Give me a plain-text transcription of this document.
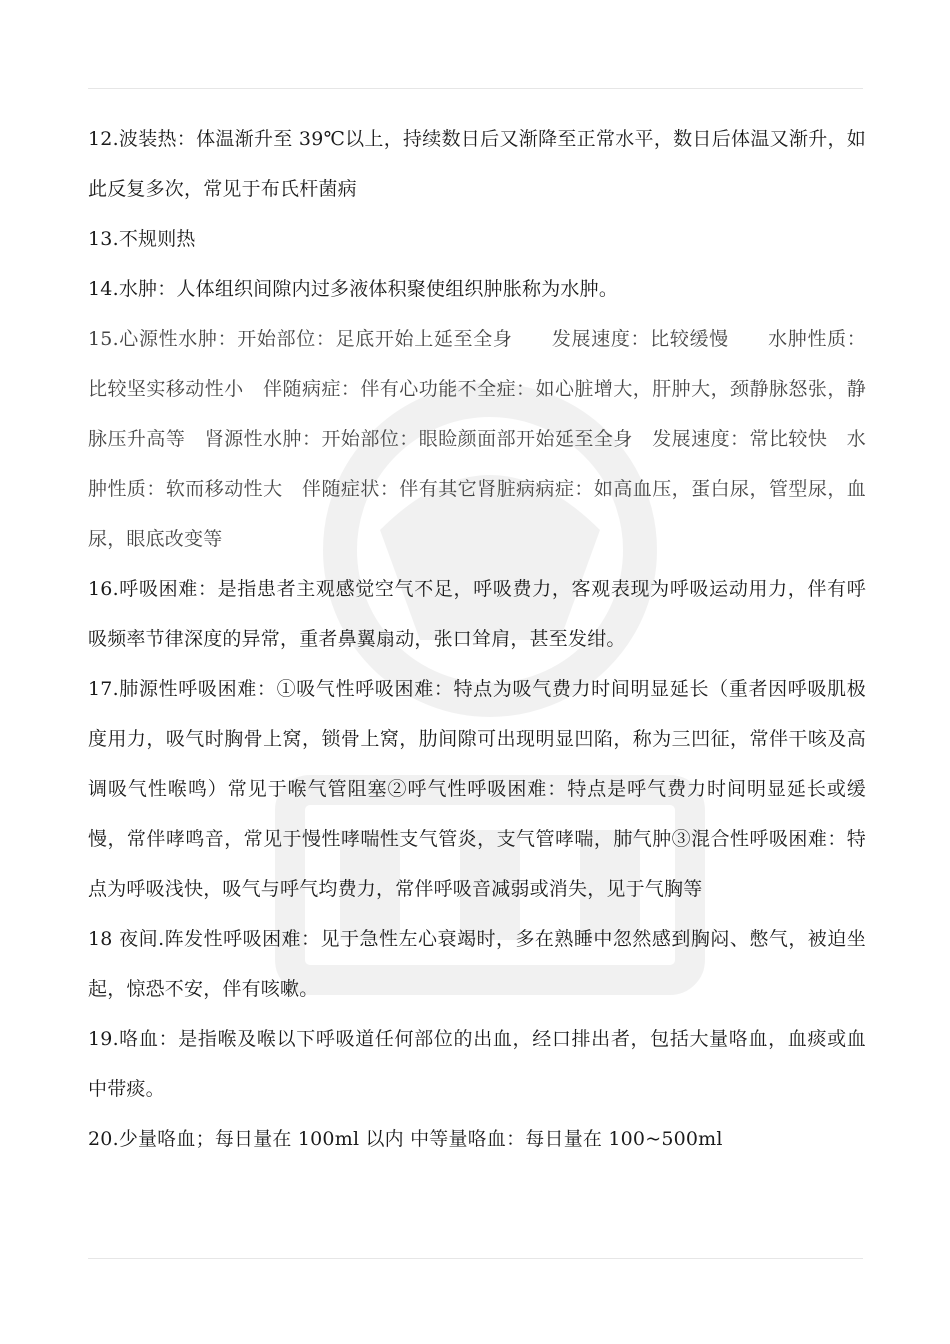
12.波装热：体温渐升至 39℃以上，持续数日后又渐降至正常水平，数日后体温又渐升，如此反复多次，常见于布氏杆菌病

13.不规则热

14.水肿：人体组织间隙内过多液体积聚使组织肿胀称为水肿。

15.心源性水肿：开始部位：足底开始上延至全身　　发展速度：比较缓慢　　水肿性质：比较坚实移动性小　伴随病症：伴有心功能不全症：如心脏增大，肝肿大，颈静脉怒张，静脉压升高等　肾源性水肿：开始部位：眼睑颜面部开始延至全身　发展速度：常比较快　水肿性质：软而移动性大　伴随症状：伴有其它肾脏病病症：如高血压，蛋白尿，管型尿，血尿，眼底改变等

16.呼吸困难：是指患者主观感觉空气不足，呼吸费力，客观表现为呼吸运动用力，伴有呼吸频率节律深度的异常，重者鼻翼扇动，张口耸肩，甚至发绀。

17.肺源性呼吸困难：①吸气性呼吸困难：特点为吸气费力时间明显延长（重者因呼吸肌极度用力，吸气时胸骨上窝，锁骨上窝，肋间隙可出现明显凹陷，称为三凹征，常伴干咳及高调吸气性喉鸣）常见于喉气管阻塞②呼气性呼吸困难：特点是呼气费力时间明显延长或缓慢，常伴哮鸣音，常见于慢性哮喘性支气管炎，支气管哮喘，肺气肿③混合性呼吸困难：特点为呼吸浅快，吸气与呼气均费力，常伴呼吸音减弱或消失，见于气胸等

18 夜间.阵发性呼吸困难：见于急性左心衰竭时，多在熟睡中忽然感到胸闷、憋气，被迫坐起，惊恐不安，伴有咳嗽。

19.咯血：是指喉及喉以下呼吸道任何部位的出血，经口排出者，包括大量咯血，血痰或血中带痰。

20.少量咯血；每日量在 100ml 以内 中等量咯血：每日量在 100~500ml
